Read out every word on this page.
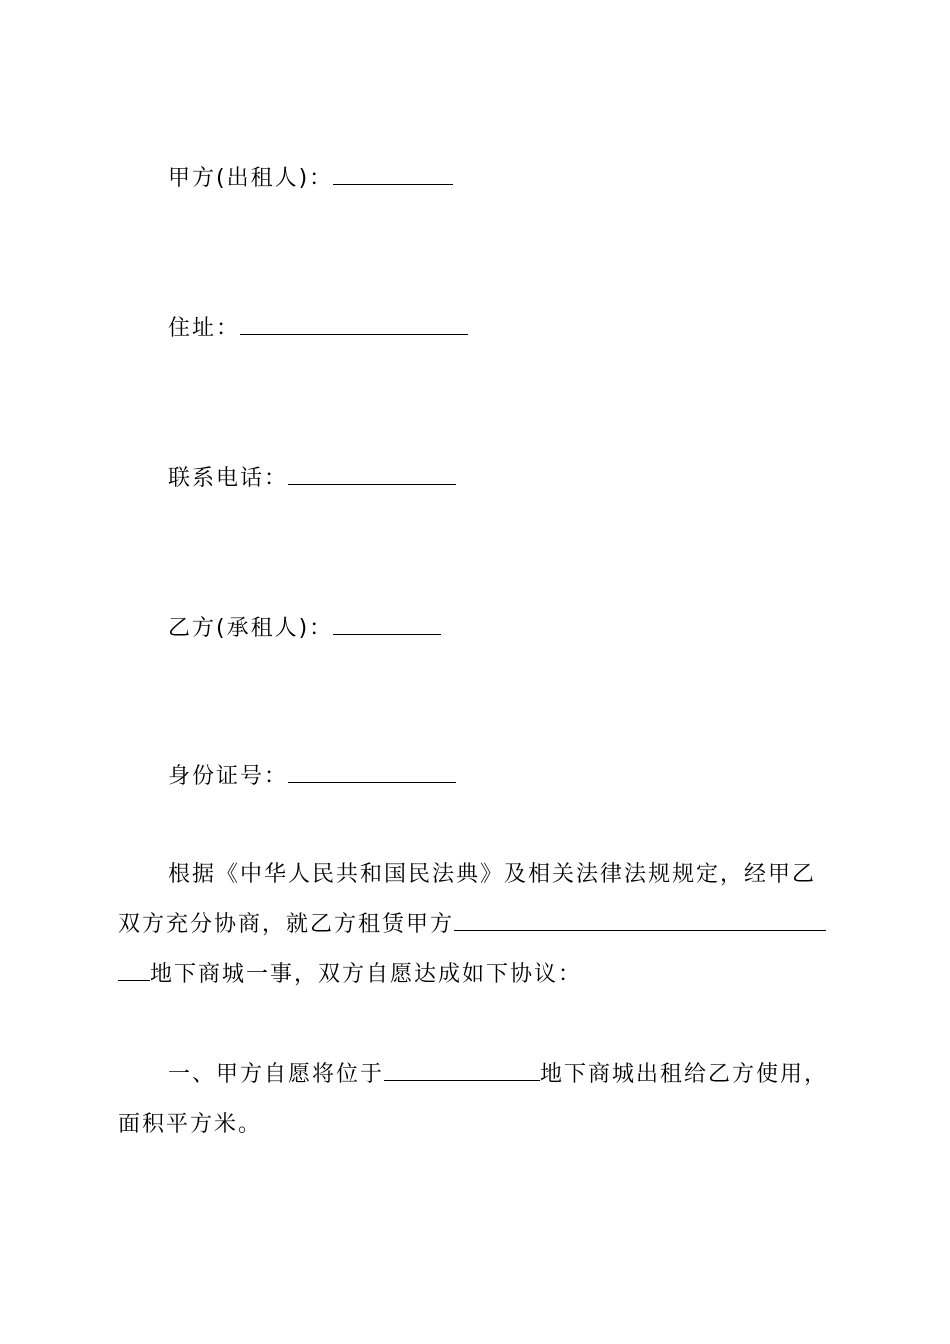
甲方(出租人)：
住址：
联系电话：
乙方(承租人)：
身份证号：
根据《中华人民共和国民法典》及相关法律法规规定，经甲乙
双方充分协商，就乙方租赁甲方
地下商城一事，双方自愿达成如下协议：
一、甲方自愿将位于	地下商城出租给乙方使用，
面积平方米。
